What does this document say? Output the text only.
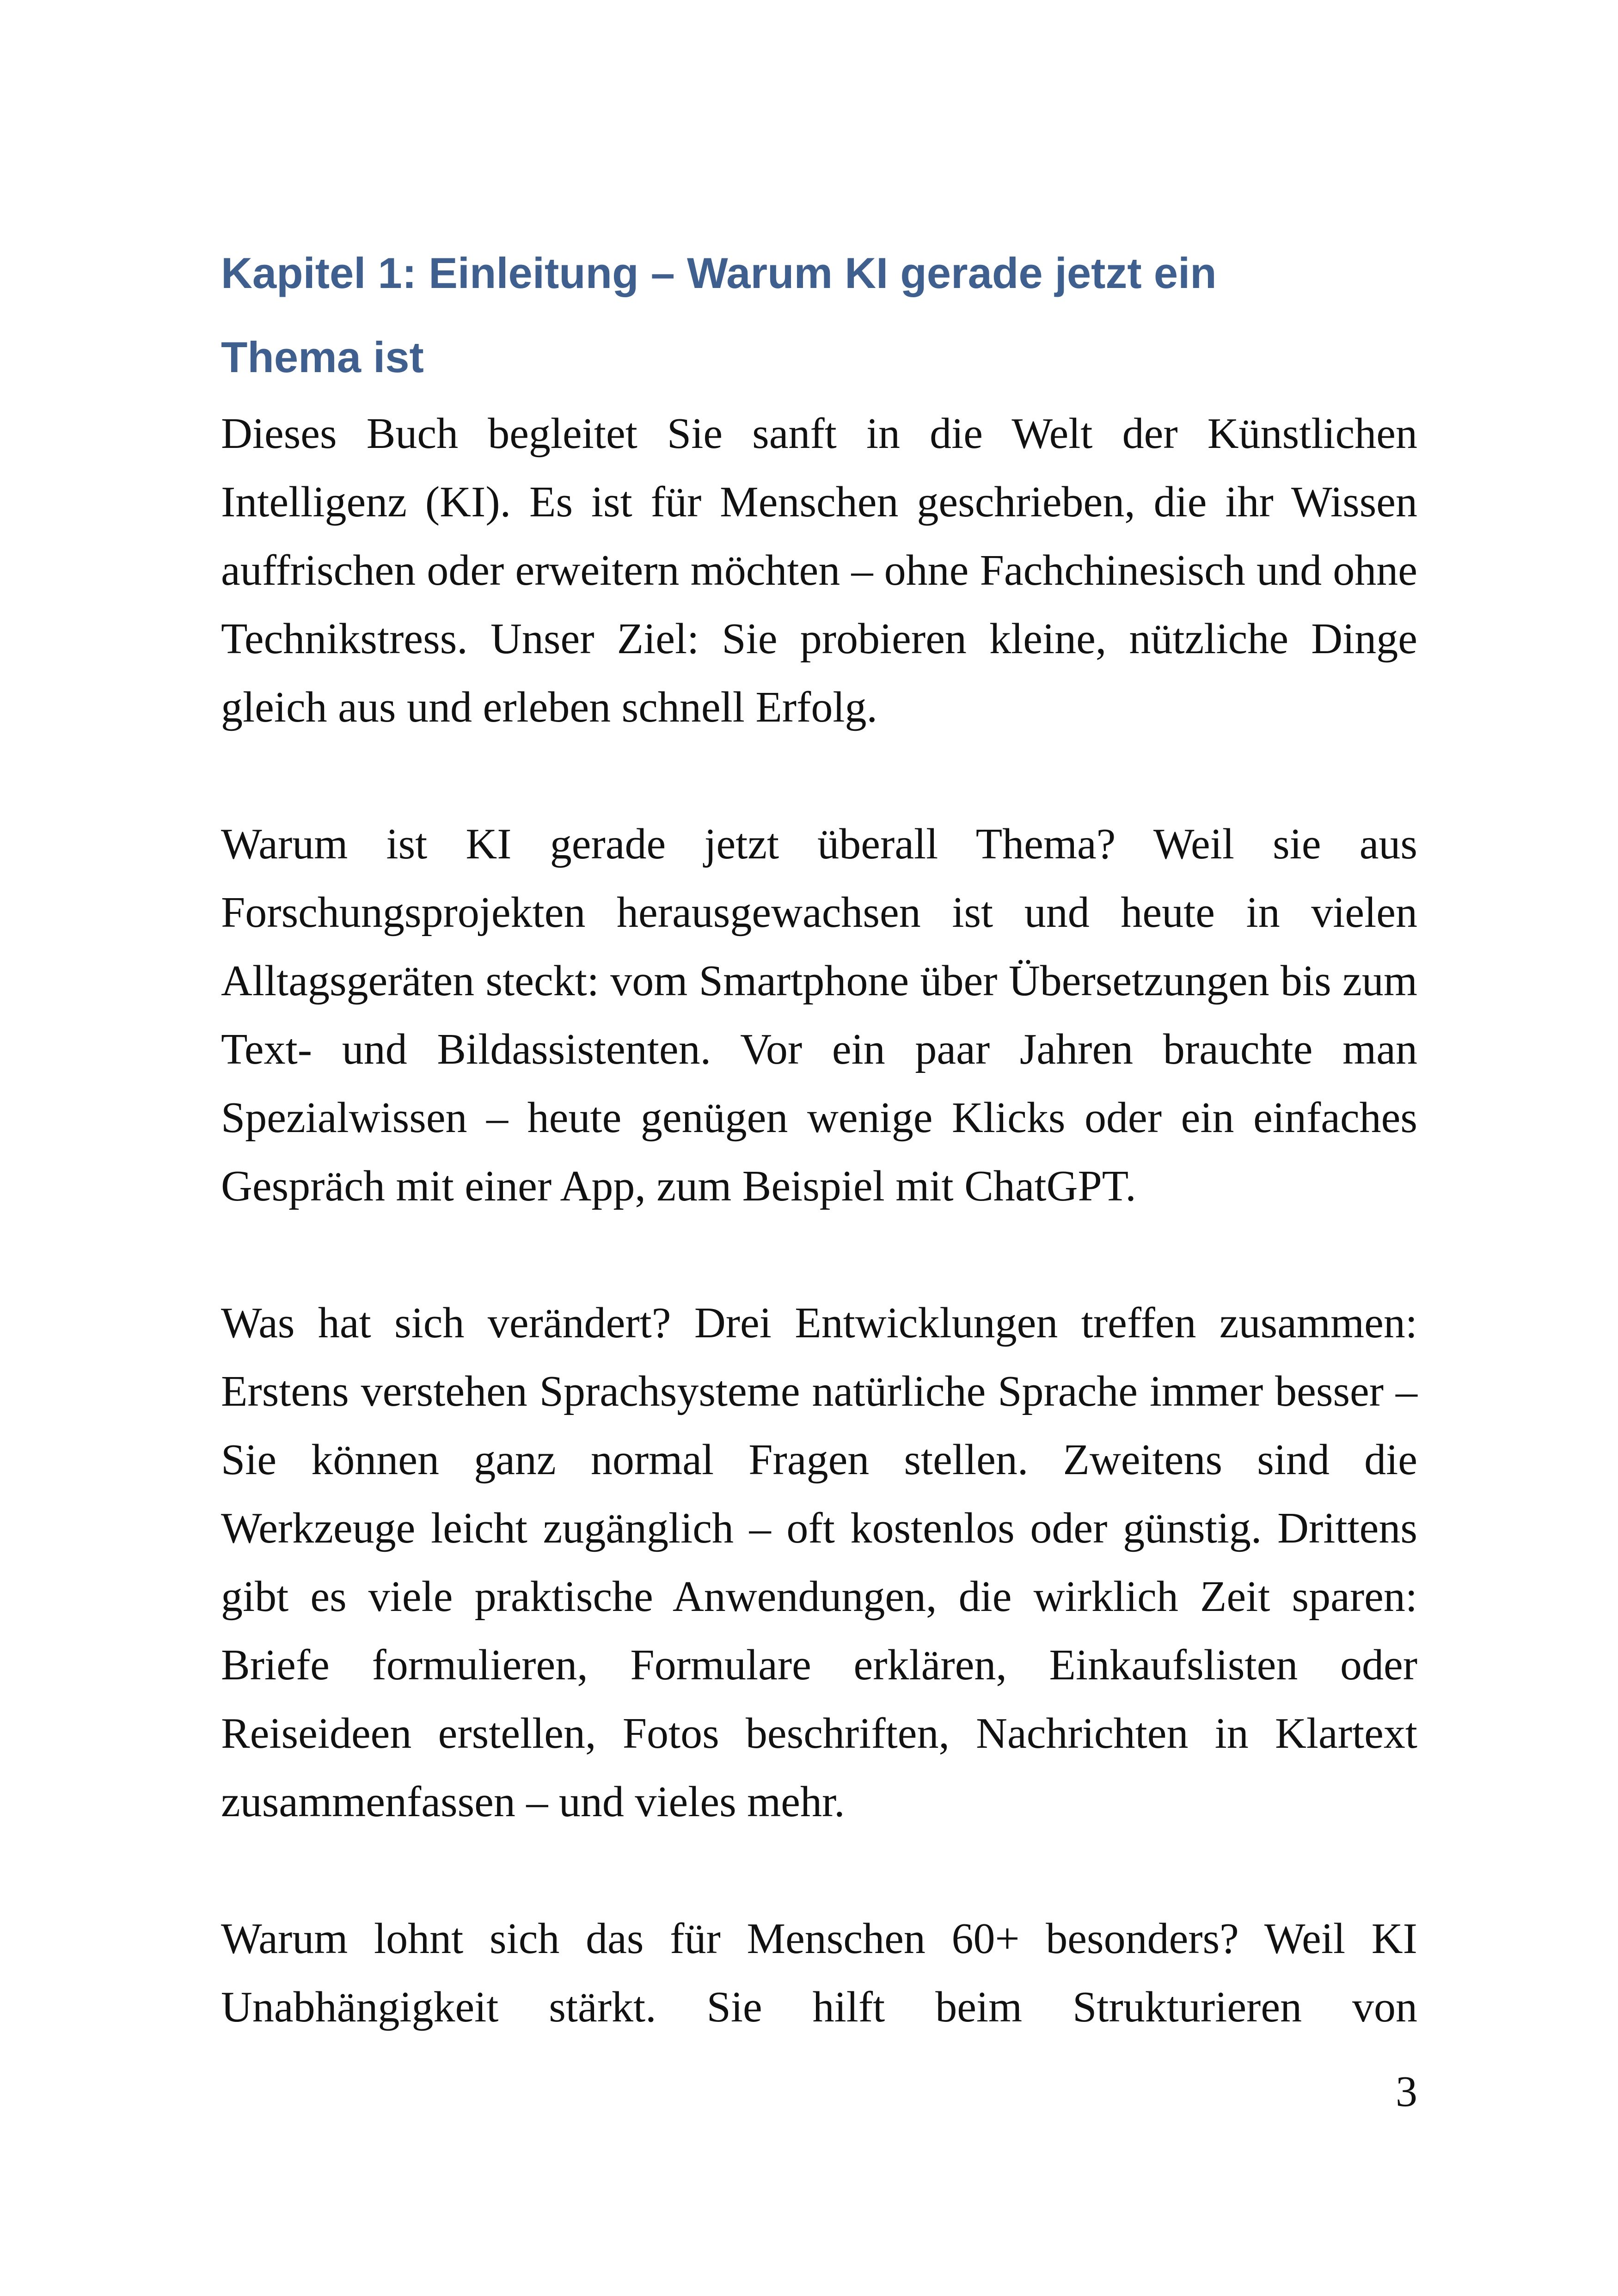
Kapitel 1: Einleitung – Warum KI gerade jetzt ein
Thema ist

Dieses Buch begleitet Sie sanft in die Welt der Künstlichen Intelligenz (KI). Es ist für Menschen geschrieben, die ihr Wissen auffrischen oder erweitern möchten – ohne Fachchinesisch und ohne Technikstress. Unser Ziel: Sie probieren kleine, nützliche Dinge gleich aus und erleben schnell Erfolg.

Warum ist KI gerade jetzt überall Thema? Weil sie aus Forschungsprojekten herausgewachsen ist und heute in vielen Alltagsgeräten steckt: vom Smartphone über Übersetzungen bis zum Text- und Bildassistenten. Vor ein paar Jahren brauchte man Spezialwissen – heute genügen wenige Klicks oder ein einfaches Gespräch mit einer App, zum Beispiel mit ChatGPT.

Was hat sich verändert? Drei Entwicklungen treffen zusammen: Erstens verstehen Sprachsysteme natürliche Sprache immer besser – Sie können ganz normal Fragen stellen. Zweitens sind die Werkzeuge leicht zugänglich – oft kostenlos oder günstig. Drittens gibt es viele praktische Anwendungen, die wirklich Zeit sparen: Briefe formulieren, Formulare erklären, Einkaufslisten oder Reiseideen erstellen, Fotos beschriften, Nachrichten in Klartext zusammenfassen – und vieles mehr.

Warum lohnt sich das für Menschen 60+ besonders? Weil KI Unabhängigkeit stärkt. Sie hilft beim Strukturieren von

3
